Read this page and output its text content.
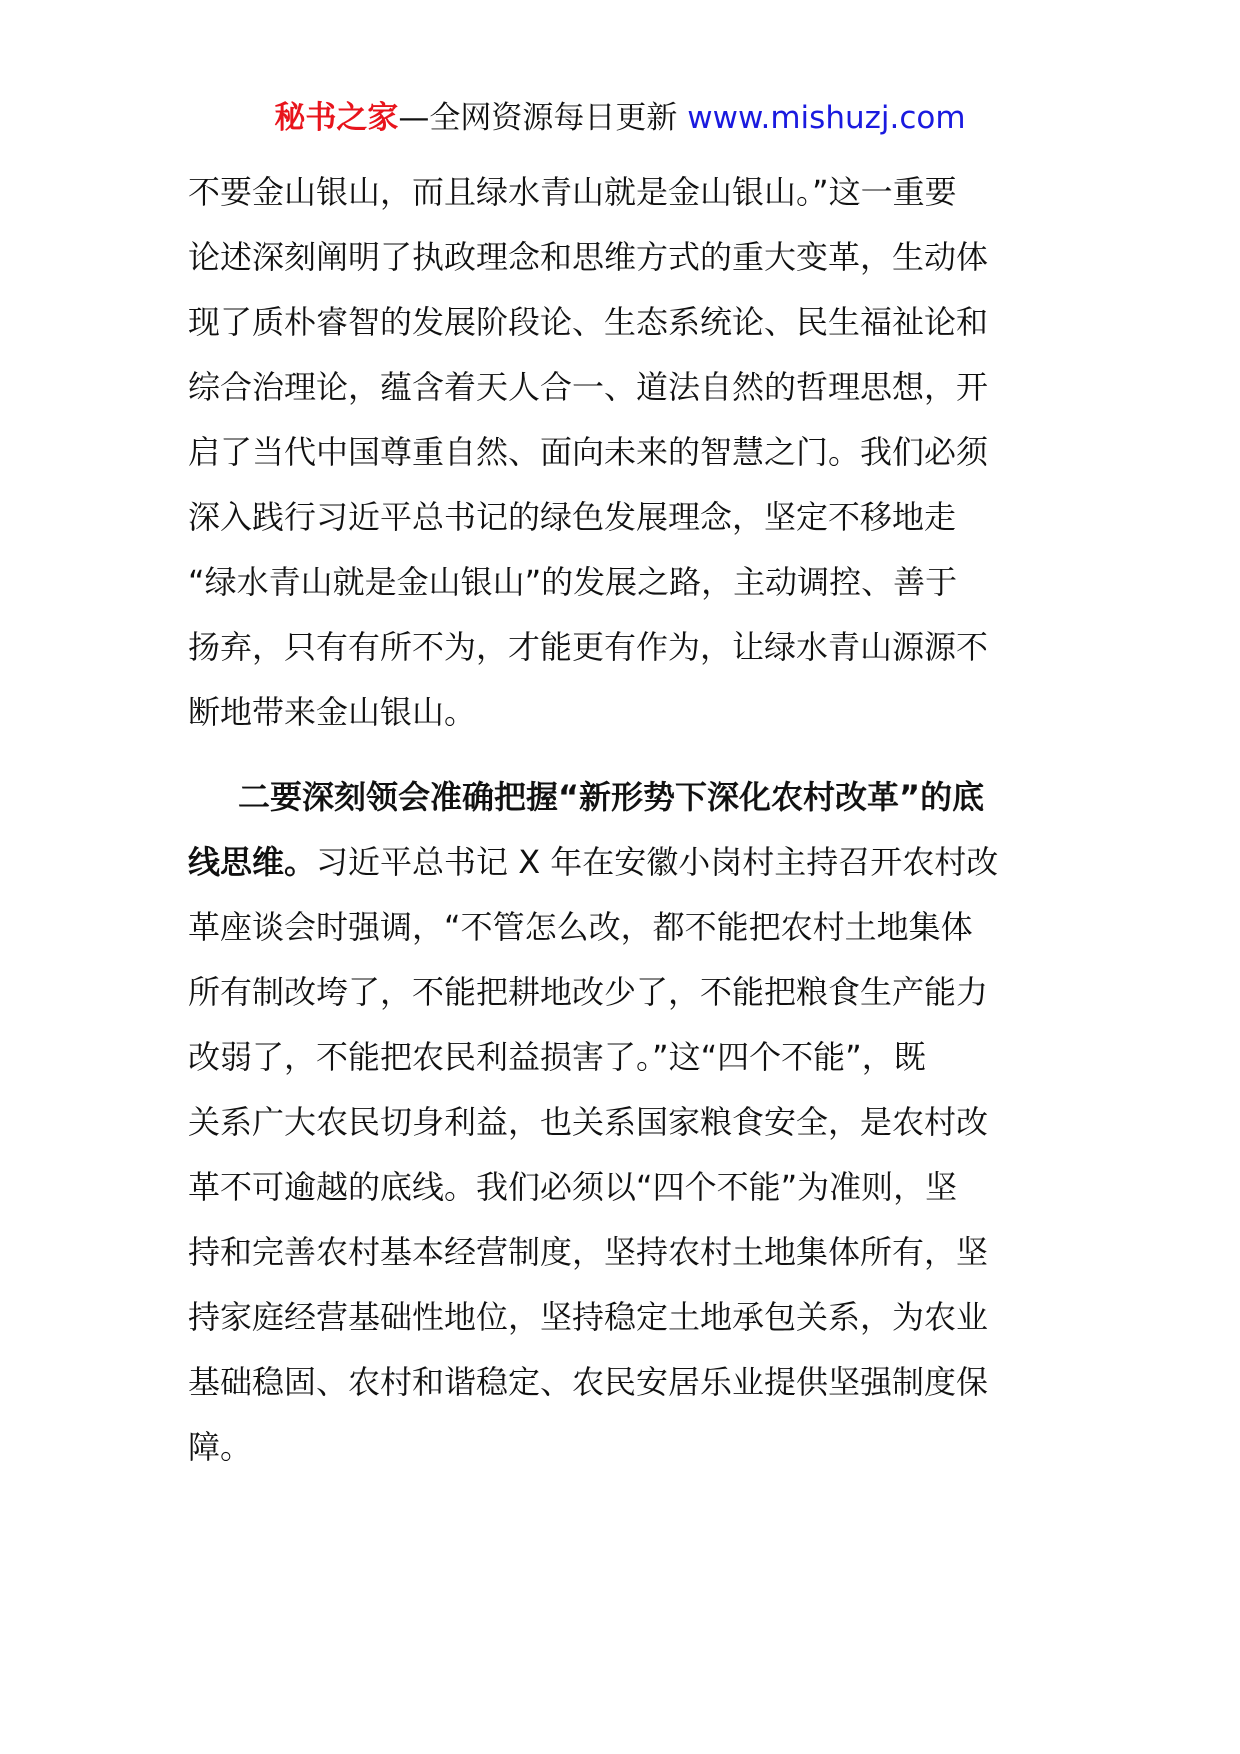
秘书之家—全网资源每日更新 www.mishuzj.com
不要金山银山，而且绿水青山就是金山银山。”这一重要
论述深刻阐明了执政理念和思维方式的重大变革，生动体
现了质朴睿智的发展阶段论、生态系统论、民生福祉论和
综合治理论，蕴含着天人合一、道法自然的哲理思想，开
启了当代中国尊重自然、面向未来的智慧之门。我们必须
深入践行习近平总书记的绿色发展理念，坚定不移地走
“绿水青山就是金山银山”的发展之路，主动调控、善于
扬弃，只有有所不为，才能更有作为，让绿水青山源源不
断地带来金山银山。
二要深刻领会准确把握“新形势下深化农村改革”的底
线思维。习近平总书记 X 年在安徽小岗村主持召开农村改
革座谈会时强调，“不管怎么改，都不能把农村土地集体
所有制改垮了，不能把耕地改少了，不能把粮食生产能力
改弱了，不能把农民利益损害了。”这“四个不能”，既
关系广大农民切身利益，也关系国家粮食安全，是农村改
革不可逾越的底线。我们必须以“四个不能”为准则，坚
持和完善农村基本经营制度，坚持农村土地集体所有，坚
持家庭经营基础性地位，坚持稳定土地承包关系，为农业
基础稳固、农村和谐稳定、农民安居乐业提供坚强制度保
障。
